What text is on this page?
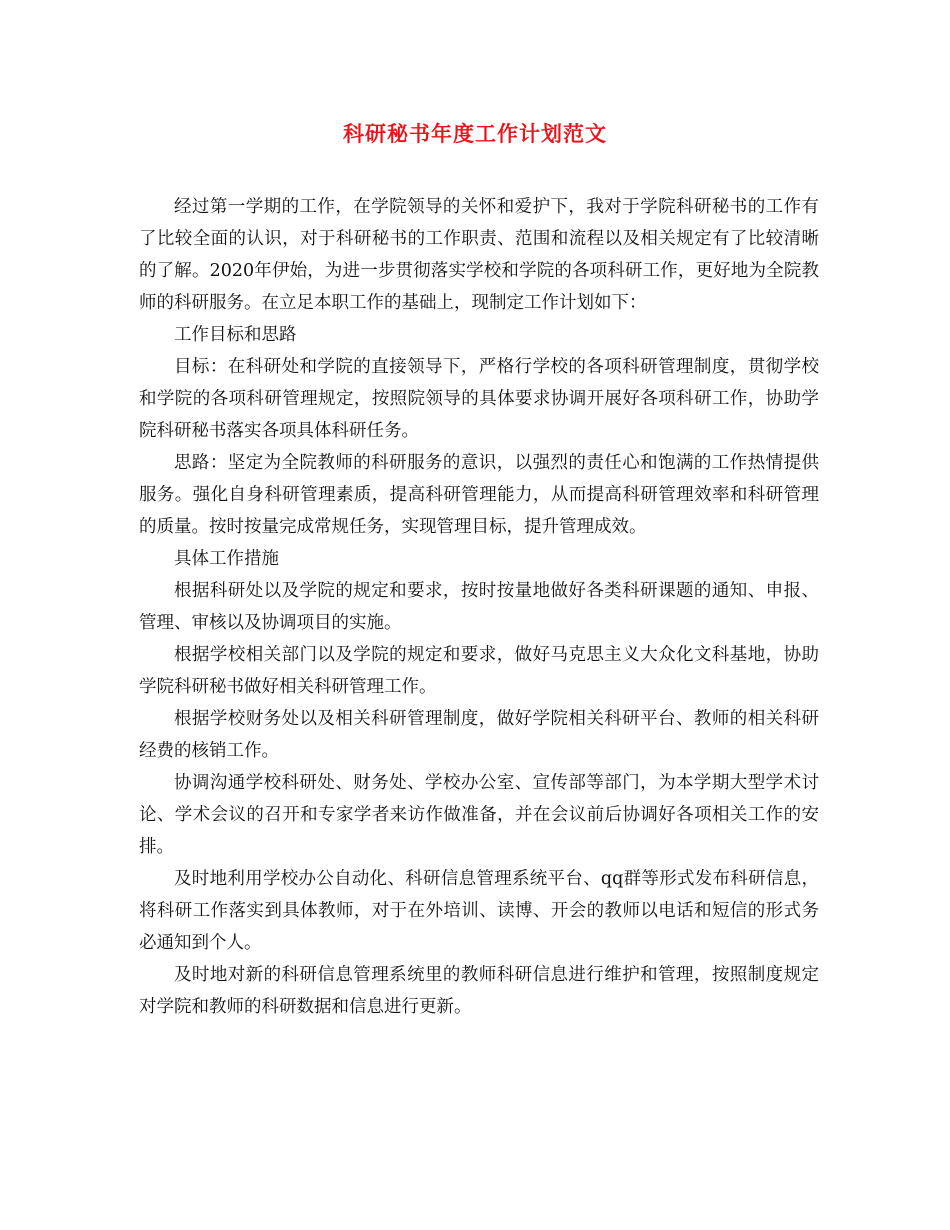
科研秘书年度工作计划范文

经过第一学期的工作，在学院领导的关怀和爱护下，我对于学院科研秘书的工作有了比较全面的认识，对于科研秘书的工作职责、范围和流程以及相关规定有了比较清晰的了解。2020年伊始，为进一步贯彻落实学校和学院的各项科研工作，更好地为全院教师的科研服务。在立足本职工作的基础上，现制定工作计划如下：

工作目标和思路

目标：在科研处和学院的直接领导下，严格行学校的各项科研管理制度，贯彻学校和学院的各项科研管理规定，按照院领导的具体要求协调开展好各项科研工作，协助学院科研秘书落实各项具体科研任务。

思路：坚定为全院教师的科研服务的意识，以强烈的责任心和饱满的工作热情提供服务。强化自身科研管理素质，提高科研管理能力，从而提高科研管理效率和科研管理的质量。按时按量完成常规任务，实现管理目标，提升管理成效。

具体工作措施

根据科研处以及学院的规定和要求，按时按量地做好各类科研课题的通知、申报、管理、审核以及协调项目的实施。

根据学校相关部门以及学院的规定和要求，做好马克思主义大众化文科基地，协助学院科研秘书做好相关科研管理工作。

根据学校财务处以及相关科研管理制度，做好学院相关科研平台、教师的相关科研经费的核销工作。

协调沟通学校科研处、财务处、学校办公室、宣传部等部门，为本学期大型学术讨论、学术会议的召开和专家学者来访作做准备，并在会议前后协调好各项相关工作的安排。

及时地利用学校办公自动化、科研信息管理系统平台、qq群等形式发布科研信息，将科研工作落实到具体教师，对于在外培训、读博、开会的教师以电话和短信的形式务必通知到个人。

及时地对新的科研信息管理系统里的教师科研信息进行维护和管理，按照制度规定对学院和教师的科研数据和信息进行更新。
